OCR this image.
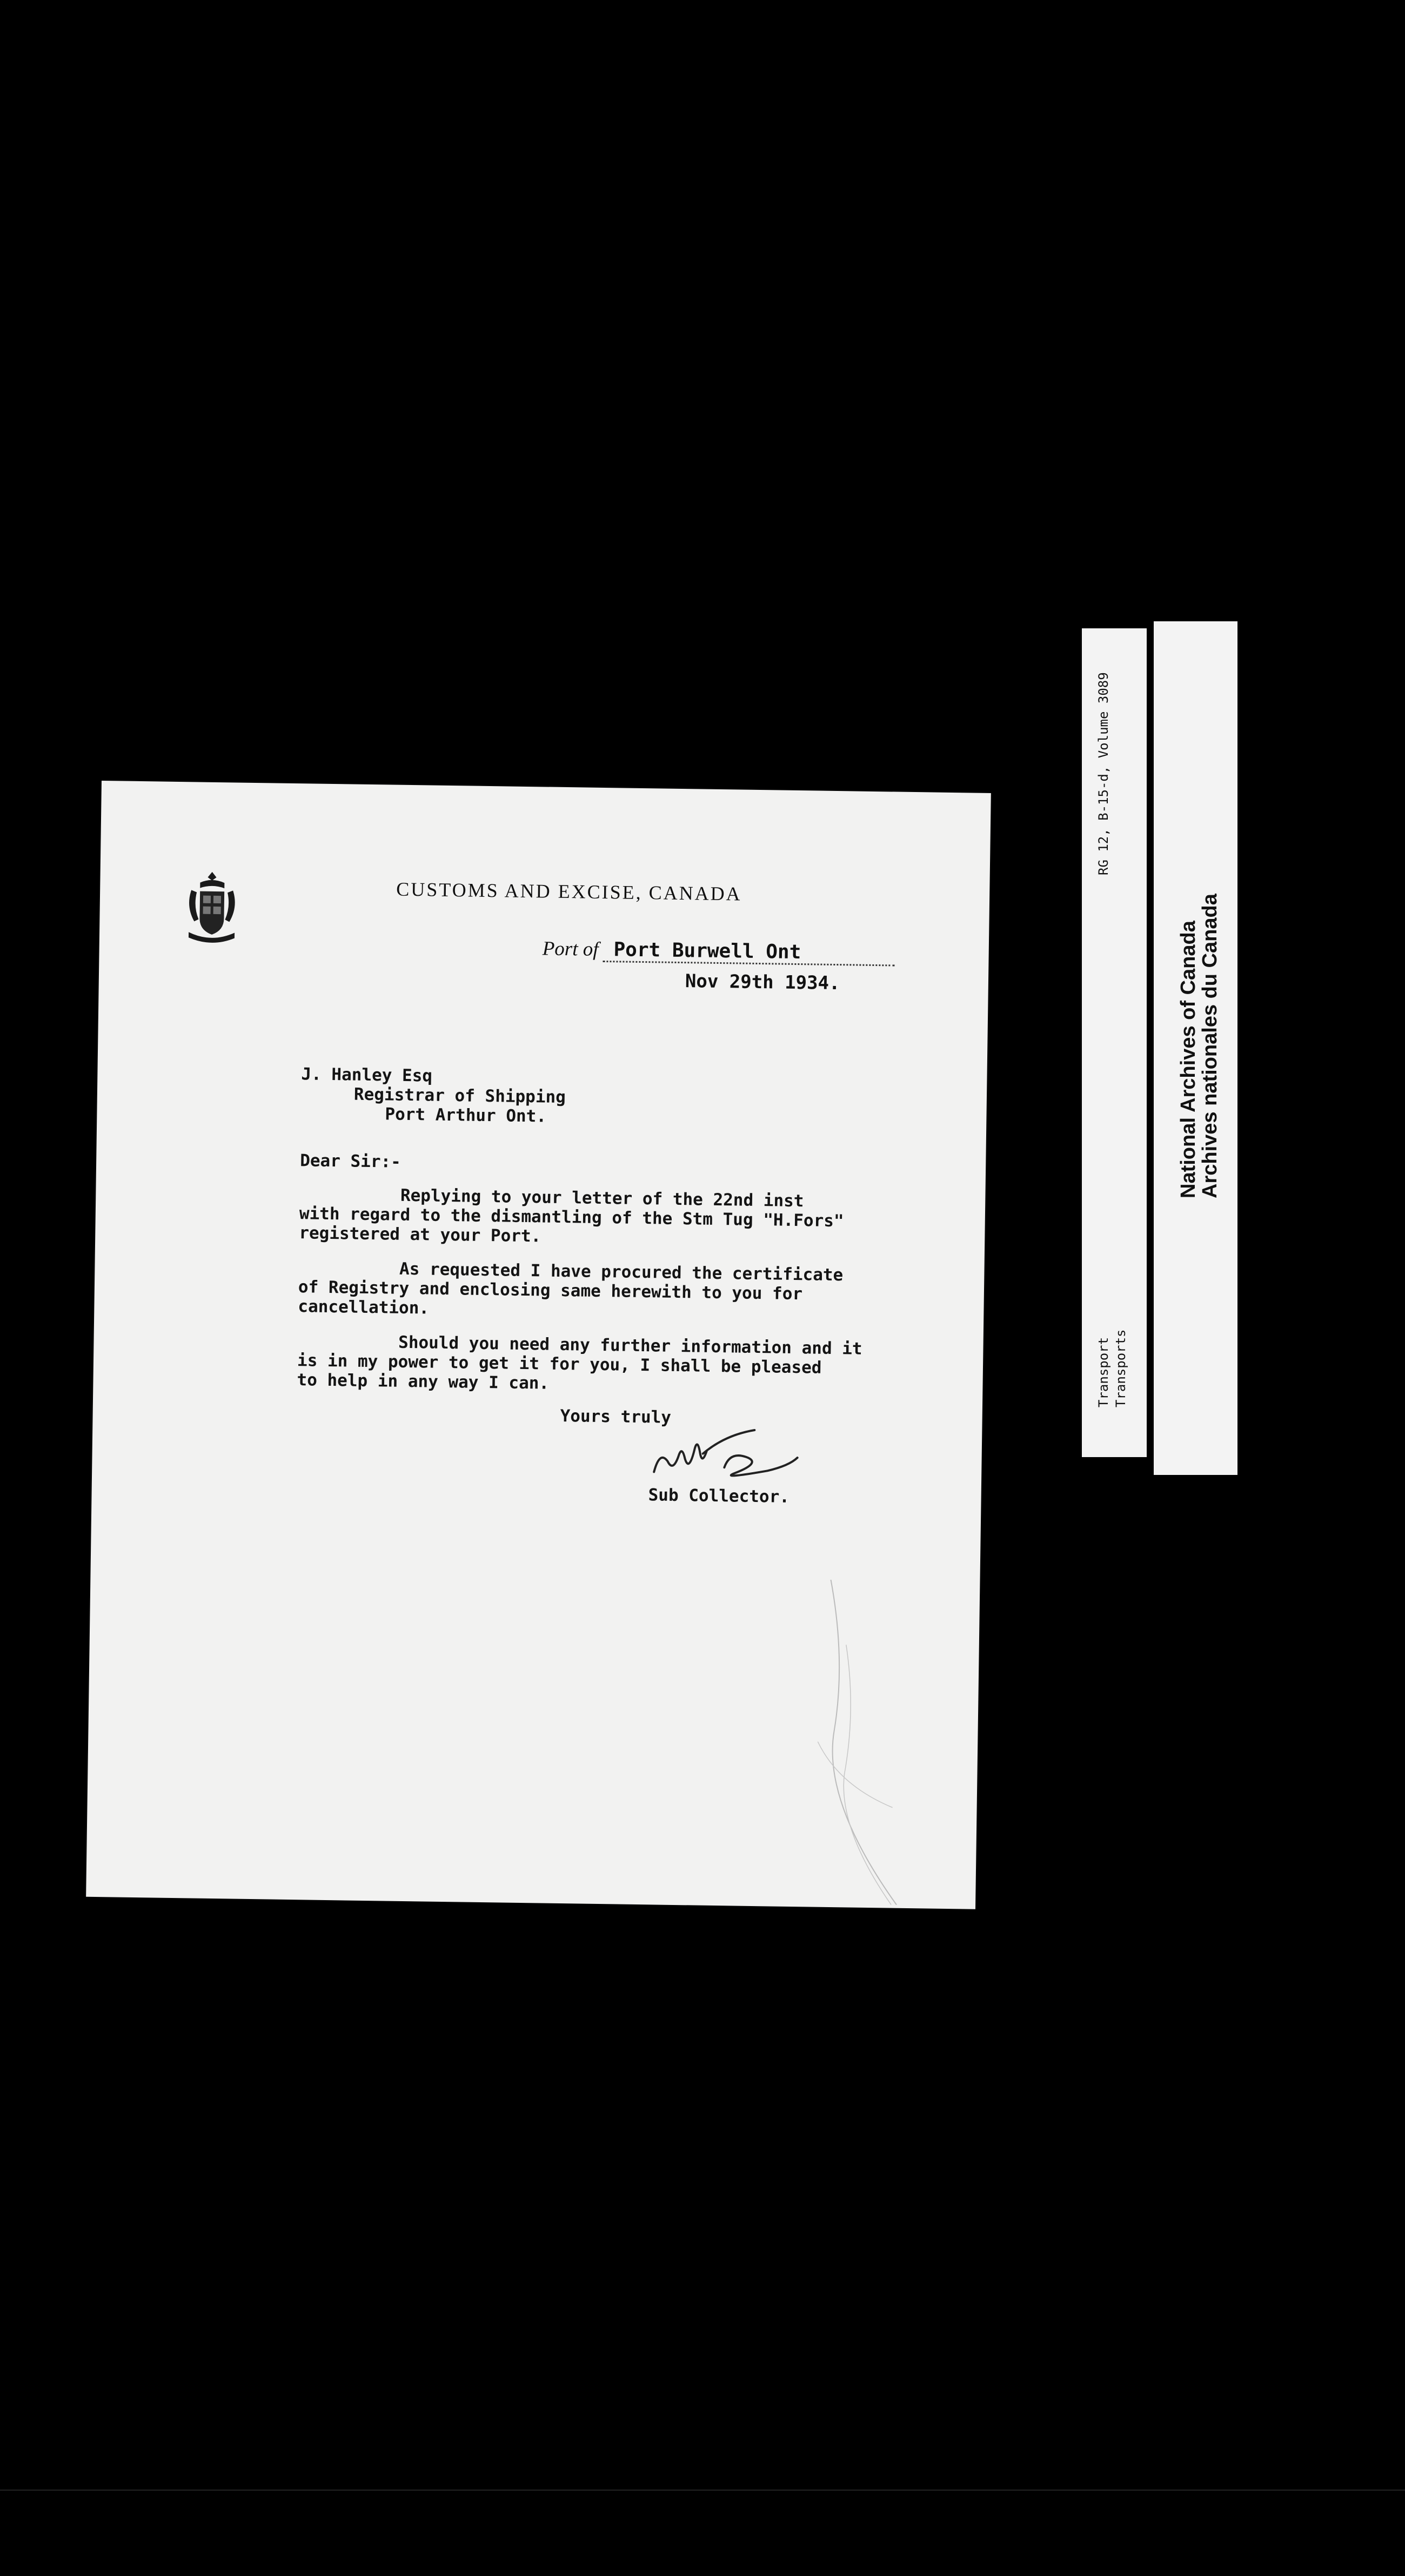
CUSTOMS AND EXCISE, CANADA
Port of Port Burwell Ont
Nov 29th 1934.
J. Hanley Esq
Registrar of Shipping
Port Arthur Ont.
Dear Sir:-
Replying to your letter of the 22nd inst
with regard to the dismantling of the Stm Tug "H.Fors"
registered at your Port.
As requested I have procured the certificate
of Registry and enclosing same herewith to you for
cancellation.
Should you need any further information and it
is in my power to get it for you, I shall be pleased
to help in any way I can.
Yours truly
Sub Collector.
RG 12, B-15-d, Volume 3089
Transport Transports
National Archives of Canada
Archives nationales du Canada
